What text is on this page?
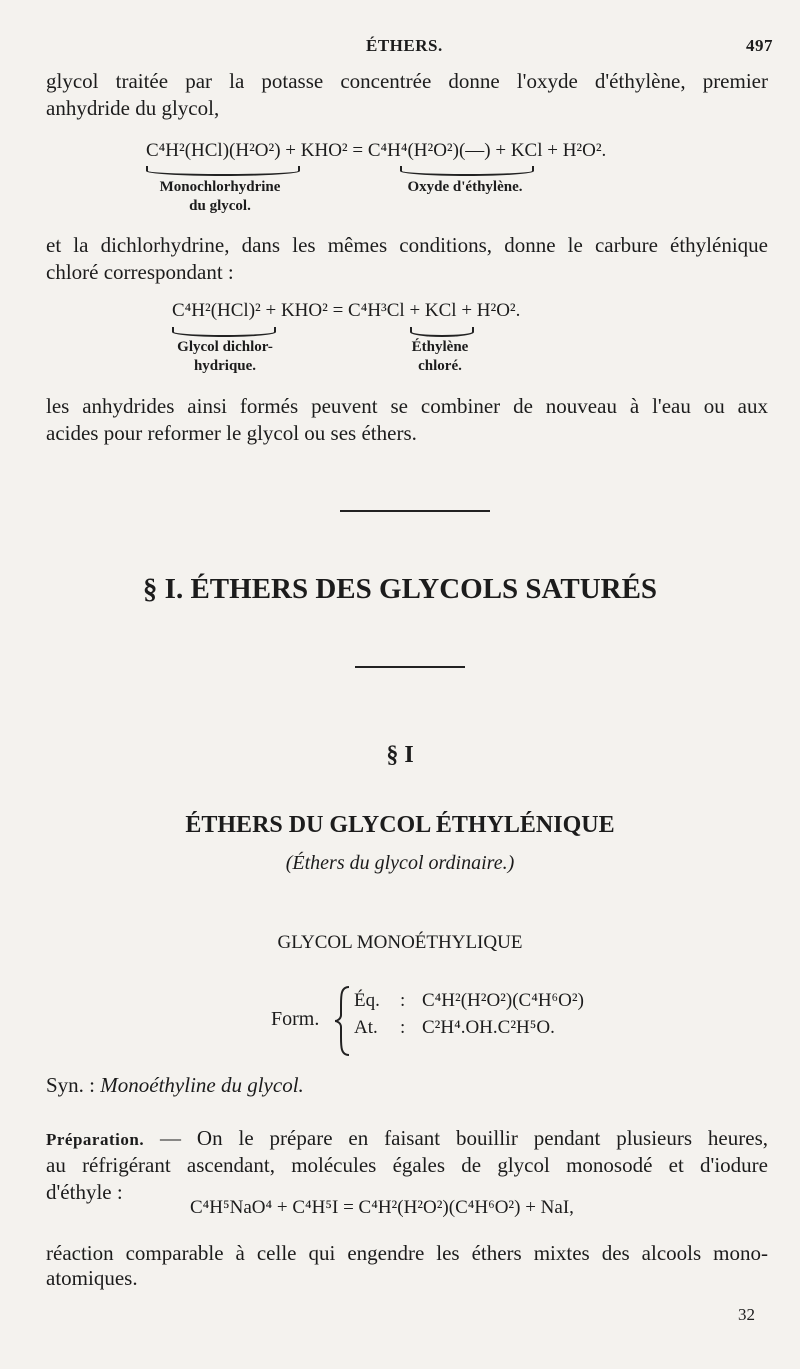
ÉTHERS.	497
glycol traitée par la potasse concentrée donne l'oxyde d'éthylène, premier
anhydride du glycol,
C⁴H²(HCl)(H²O²) + KHO² = C⁴H⁴(H²O²)(—) + KCl + H²O².
Monochlorhydrine
du glycol.
Oxyde d'éthylène.
et la dichlorhydrine, dans les mêmes conditions, donne le carbure éthylénique
chloré correspondant :
C⁴H²(HCl)² + KHO² = C⁴H³Cl + KCl + H²O².
Glycol dichlor-
hydrique.
Éthylène
chloré.
les anhydrides ainsi formés peuvent se combiner de nouveau à l'eau ou aux
acides pour reformer le glycol ou ses éthers.
§ I. ÉTHERS DES GLYCOLS SATURÉS
§ I
ÉTHERS DU GLYCOL ÉTHYLÉNIQUE
(Éthers du glycol ordinaire.)
GLYCOL MONOÉTHYLIQUE
Form.
Éq. : C⁴H²(H²O²)(C⁴H⁶O²)
At. : C²H⁴.OH.C²H⁵O.
Syn. : Monoéthyline du glycol.
Préparation. — On le prépare en faisant bouillir pendant plusieurs heures,
au réfrigérant ascendant, molécules égales de glycol monosodé et d'iodure
d'éthyle :
C⁴H⁵NaO⁴ + C⁴H⁵I = C⁴H²(H²O²)(C⁴H⁶O²) + NaI,
réaction comparable à celle qui engendre les éthers mixtes des alcools mono-
atomiques.
32
